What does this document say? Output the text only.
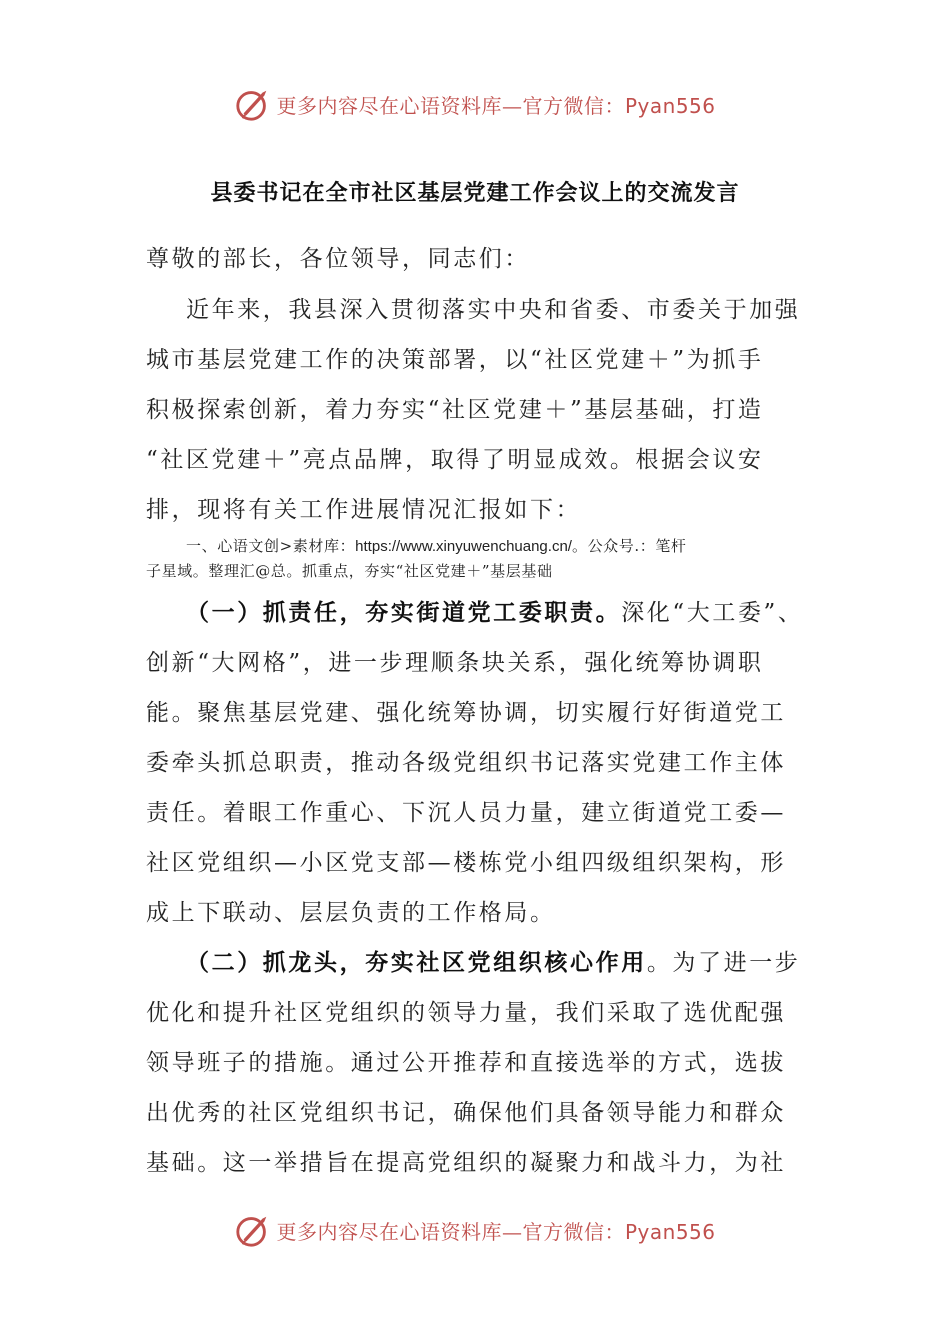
更多内容尽在心语资料库—官方微信：Pyan556
县委书记在全市社区基层党建工作会议上的交流发言
尊敬的部长，各位领导，同志们：
近年来，我县深入贯彻落实中央和省委、市委关于加强
城市基层党建工作的决策部署，以“社区党建＋”为抓手
积极探索创新，着力夯实“社区党建＋”基层基础，打造
“社区党建＋”亮点品牌，取得了明显成效。根据会议安
排，现将有关工作进展情况汇报如下：
一、心语文创>素材库：https://www.xinyuwenchuang.cn/。公众号.：笔杆
子星域。整理汇@总。抓重点，夯实“社区党建＋”基层基础
（一）抓责任，夯实街道党工委职责。深化“大工委”、
创新“大网格”，进一步理顺条块关系，强化统筹协调职
能。聚焦基层党建、强化统筹协调，切实履行好街道党工
委牵头抓总职责，推动各级党组织书记落实党建工作主体
责任。着眼工作重心、下沉人员力量，建立街道党工委—
社区党组织—小区党支部—楼栋党小组四级组织架构，形
成上下联动、层层负责的工作格局。
（二）抓龙头，夯实社区党组织核心作用。为了进一步
优化和提升社区党组织的领导力量，我们采取了选优配强
领导班子的措施。通过公开推荐和直接选举的方式，选拔
出优秀的社区党组织书记，确保他们具备领导能力和群众
基础。这一举措旨在提高党组织的凝聚力和战斗力，为社
更多内容尽在心语资料库—官方微信：Pyan556
